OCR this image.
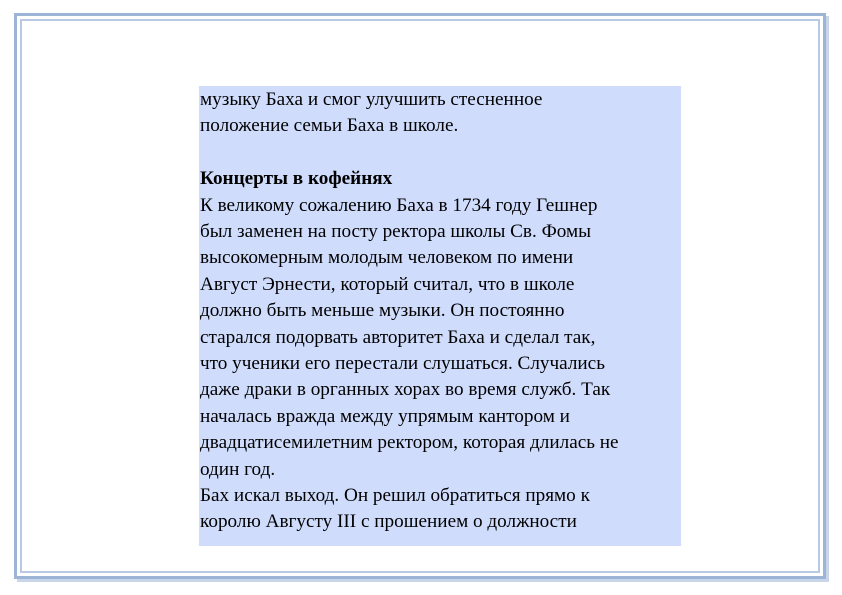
музыку Баха и смог улучшить стесненное
положение семьи Баха в школе.
Концерты в кофейнях
К великому сожалению Баха в 1734 году Гешнер
был заменен на посту ректора школы Св. Фомы
высокомерным молодым человеком по имени
Август Эрнести, который считал, что в школе
должно быть меньше музыки. Он постоянно
старался подорвать авторитет Баха и сделал так,
что ученики его перестали слушаться. Случались
даже драки в органных хорах во время служб. Так
началась вражда между упрямым кантором и
двадцатисемилетним ректором, которая длилась не
один год.
Бах искал выход. Он решил обратиться прямо к
королю Августу III с прошением о должности
